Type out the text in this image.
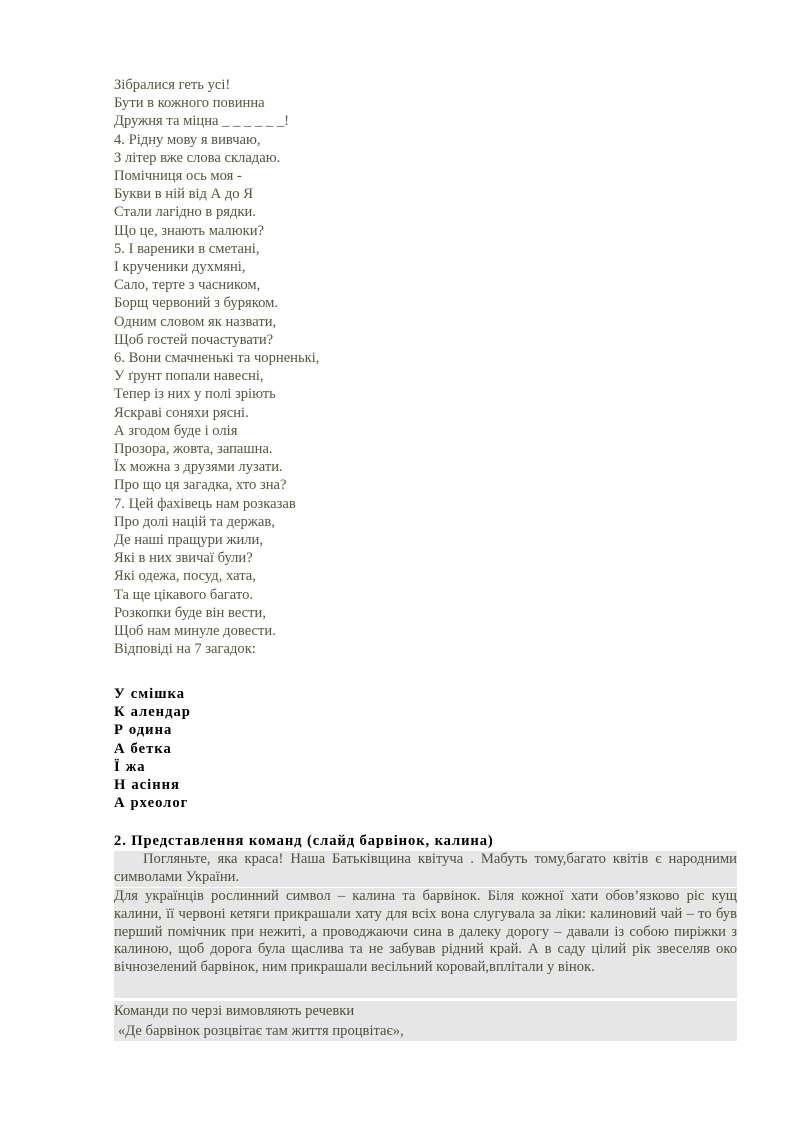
Зібралися геть усі!
Бути в кожного повинна
Дружня та міцна _ _ _ _ _ _!
4. Рідну мову я вивчаю,
З літер вже слова складаю.
Помічниця ось моя -
Букви в ній від А до Я
Стали лагідно в рядки.
Що це, знають малюки?
5. І вареники в сметані,
І крученики духмяні,
Сало, терте з часником,
Борщ червоний з буряком.
Одним словом як назвати,
Щоб гостей почастувати?
6. Вони смачненькі та чорненькі,
У ґрунт попали навесні,
Тепер із них у полі зріють
Яскраві соняхи рясні.
А згодом буде і олія
Прозора, жовта, запашна.
Їх можна з друзями лузати.
Про що ця загадка, хто зна?
7. Цей фахівець нам розказав
Про долі націй та держав,
Де наші пращури жили,
Які в них звичаї були?
Які одежа, посуд, хата,
Та ще цікавого багато.
Розкопки буде він вести,
Щоб нам минуле довести.
Відповіді на 7 загадок:
У смішка
К алендар
Р одина
А бетка
Ї жа
Н асіння
А рхеолог
2. Представлення команд (слайд барвінок, калина)
Погляньте, яка краса! Наша Батьківщина квітуча . Мабуть тому,багато квітів є народними символами України.
Для українців рослинний символ – калина та барвінок. Біля кожної хати обов’язково ріс кущ калини, її червоні кетяги прикрашали хату для всіх вона слугувала за ліки: калиновий чай – то був перший помічник при нежиті, а проводжаючи сина в далеку дорогу – давали із собою пиріжки з калиною, щоб дорога була щаслива та не забував рідний край. А в саду цілий рік звеселяв око вічнозелений барвінок, ним прикрашали весільний коровай,вплітали у вінок.
Команди по черзі вимовляють речевки
«Де барвінок розцвітає там життя процвітає»,
